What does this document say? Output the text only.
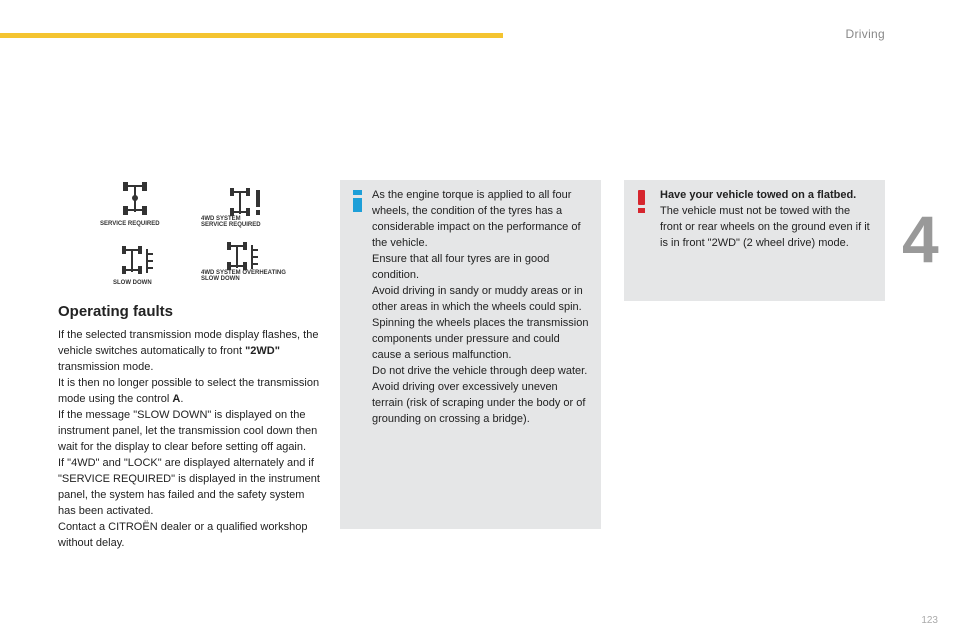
Driving
4
SERVICE REQUIRED
4WD SYSTEM
SERVICE REQUIRED
SLOW DOWN
4WD SYSTEM OVERHEATING
SLOW DOWN
Operating faults

If the selected transmission mode display flashes, the vehicle switches automatically to front "2WD" transmission mode.

It is then no longer possible to select the transmission mode using the control A.

If the message "SLOW DOWN" is displayed on the instrument panel, let the transmission cool down then wait for the display to clear before setting off again.

If "4WD" and "LOCK" are displayed alternately and if "SERVICE REQUIRED" is displayed in the instrument panel, the system has failed and the safety system has been activated.

Contact a CITROËN dealer or a qualified workshop without delay.

As the engine torque is applied to all four wheels, the condition of the tyres has a considerable impact on the performance of the vehicle.

Ensure that all four tyres are in good condition.

Avoid driving in sandy or muddy areas or in other areas in which the wheels could spin.

Spinning the wheels places the transmission components under pressure and could cause a serious malfunction.

Do not drive the vehicle through deep water.

Avoid driving over excessively uneven terrain (risk of scraping under the body or of grounding on crossing a bridge).

Have your vehicle towed on a flatbed.

The vehicle must not be towed with the front or rear wheels on the ground even if it is in front "2WD" (2 wheel drive) mode.

123
